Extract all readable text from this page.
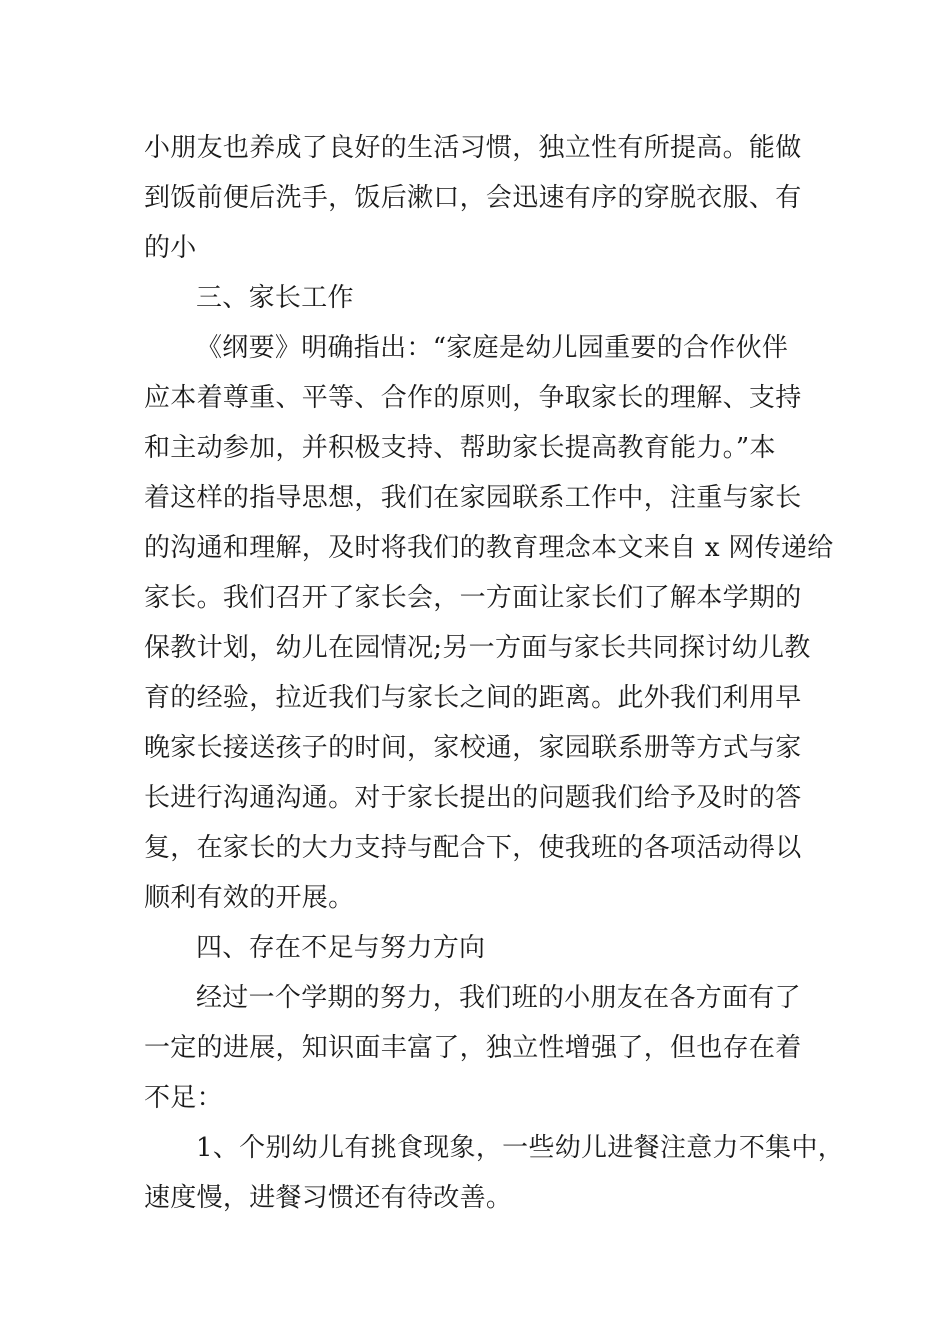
小朋友也养成了良好的生活习惯，独立性有所提高。能做
到饭前便后洗手，饭后漱口，会迅速有序的穿脱衣服、有
的小
三、家长工作
《纲要》明确指出：“家庭是幼儿园重要的合作伙伴
应本着尊重、平等、合作的原则，争取家长的理解、支持
和主动参加，并积极支持、帮助家长提高教育能力。”本
着这样的指导思想，我们在家园联系工作中，注重与家长
的沟通和理解，及时将我们的教育理念本文来自 x 网传递给
家长。我们召开了家长会，一方面让家长们了解本学期的
保教计划，幼儿在园情况;另一方面与家长共同探讨幼儿教
育的经验，拉近我们与家长之间的距离。此外我们利用早
晚家长接送孩子的时间，家校通，家园联系册等方式与家
长进行沟通沟通。对于家长提出的问题我们给予及时的答
复，在家长的大力支持与配合下，使我班的各项活动得以
顺利有效的开展。
四、存在不足与努力方向
经过一个学期的努力，我们班的小朋友在各方面有了
一定的进展，知识面丰富了，独立性增强了，但也存在着
不足：
1、个别幼儿有挑食现象，一些幼儿进餐注意力不集中，
速度慢，进餐习惯还有待改善。
